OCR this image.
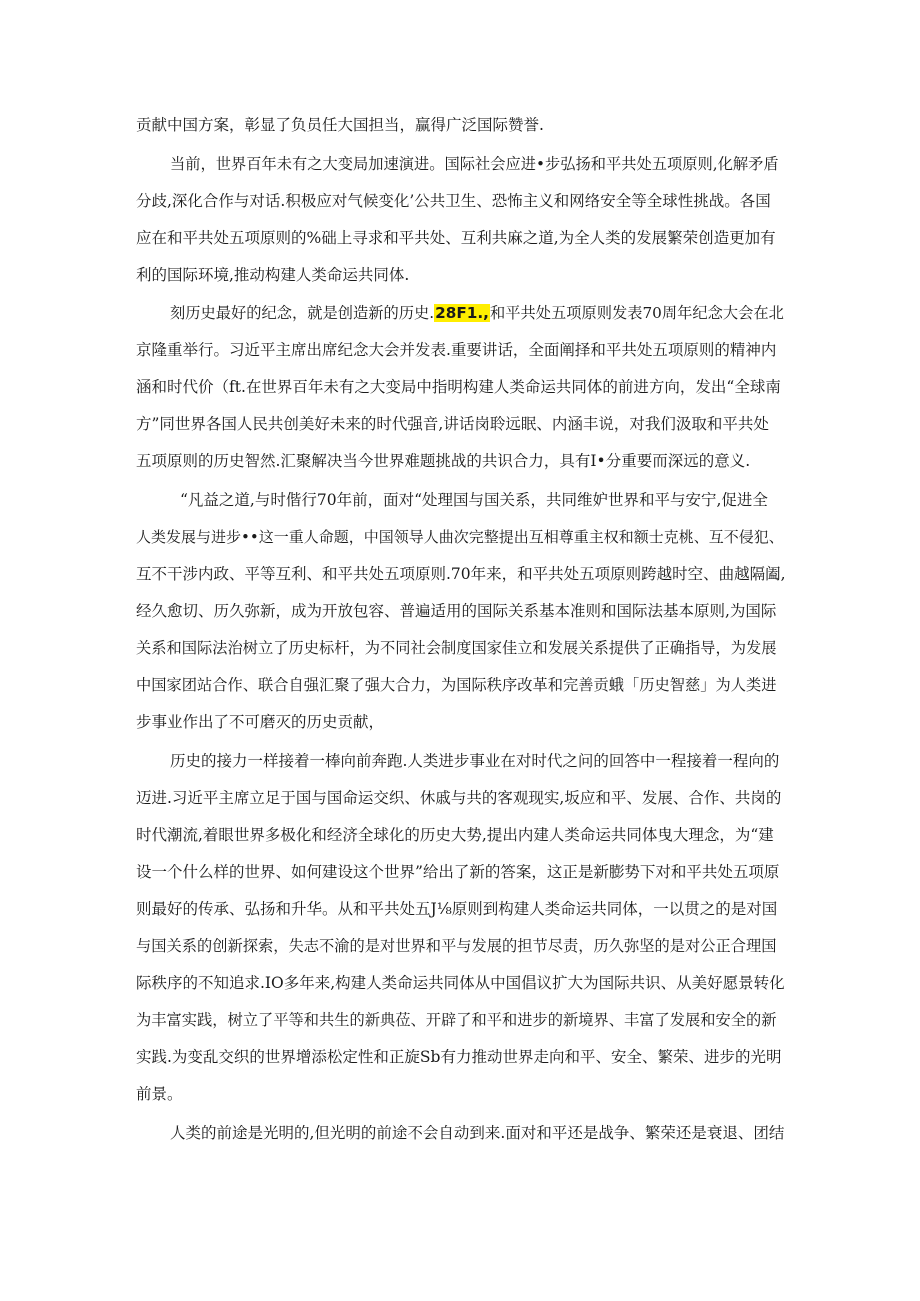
贡献中国方案，彰显了负员任大国担当，赢得广泛国际赞誉.
当前，世界百年未有之大变局加速演进。国际社会应进•步弘扬和平共处五项原则,化解矛盾
分歧,深化合作与对话.积极应对气候变化’公共卫生、恐怖主义和网络安全等全球性挑战。各国
应在和平共处五项原则的%础上寻求和平共处、互利共麻之道,为全人类的发展繁荣创造更加有
利的国际环境,推动构建人类命运共同体.
刻历史最好的纪念，就是创造新的历史.28F1.,和平共处五项原则发表70周年纪念大会在北
京隆重举行。习近平主席出席纪念大会并发表.重要讲话，全面阐择和平共处五项原则的精神内
涵和时代价（ft.在世界百年未有之大变局中指明构建人类命运共同体的前进方向，发出“全球南
方”同世界各国人民共创美好未来的时代强音,讲话岗聆远眠、内涵丰说，对我们汲取和平共处
五项原则的历史智然.汇聚解决当今世界难题挑战的共识合力，具有I•分重要而深远的意义.
“凡益之道,与时偕行70年前，面对“处理国与国关系，共同维妒世界和平与安宁,促进全
人类发展与进步••这一重人命题，中国领导人曲次完整提出互相尊重主权和额士克桃、互不侵犯、
互不干涉内政、平等互利、和平共处五项原则.70年来，和平共处五项原则跨越时空、曲越隔阖,
经久愈切、历久弥新，成为开放包容、普遍适用的国际关系基本准则和国际法基本原则,为国际
关系和国际法治树立了历史标杆，为不同社会制度国家佳立和发展关系提供了正确指导，为发展
中国家团站合作、联合自强汇聚了强大合力，为国际秩序改革和完善贡蛾「历史智慈」为人类进
步事业作出了不可磨灭的历史贡献，
历史的接力一样接着一棒向前奔跑.人类进步事业在对时代之问的回答中一程接着一程向的
迈进.习近平主席立足于国与国命运交织、休戚与共的客观现实,坂应和平、发展、合作、共岗的
时代潮流,着眼世界多极化和经济全球化的历史大势,提出内建人类命运共同体曳大理念，为“建
设一个什么样的世界、如何建设这个世界”给出了新的答案，这正是新膨势下对和平共处五项原
则最好的传承、弘扬和升华。从和平共处五J⅛原则到构建人类命运共同体，一以贯之的是对国
与国关系的创新探索，失志不渝的是对世界和平与发展的担节尽责，历久弥坚的是对公正合理国
际秩序的不知追求.IO多年来,构建人类命运共同体从中国倡议扩大为国际共识、从美好愿景转化
为丰富实践，树立了平等和共生的新典莅、开辟了和平和进步的新境界、丰富了发展和安全的新
实践.为变乱交织的世界增添松定性和正旋Sb有力推动世界走向和平、安全、繁荣、进步的光明
前景。
人类的前途是光明的,但光明的前途不会自动到来.面对和平还是战争、繁荣还是衰退、团结
